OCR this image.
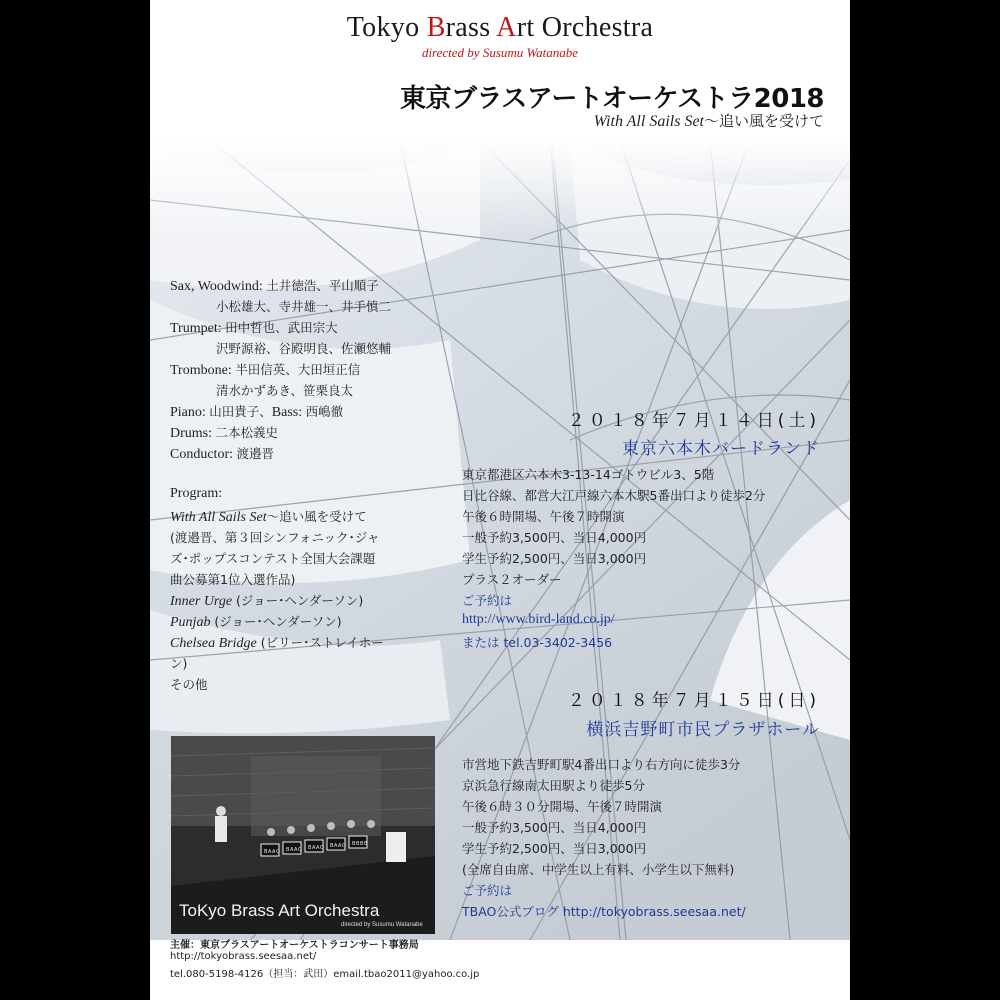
Tokyo Brass Art Orchestra
directed by Susumu Watanabe
東京ブラスアートオーケストラ2018
With All Sails Set～追い風を受けて
Sax, Woodwind: 土井徳浩、平山順子
小松雄大、寺井雄一、井手慎二
Trumpet: 田中哲也、武田宗大
沢野源裕、谷殿明良、佐瀬悠輔
Trombone: 半田信英、大田垣正信
清水かずあき、笹栗良太
Piano: 山田貴子、Bass: 西嶋徹
Drums: 二本松義史
Conductor: 渡邉晋
Program:
With All Sails Set～追い風を受けて
(渡邉晋、第３回シンフォニック･ジャ
ズ･ポップスコンテスト全国大会課題
曲公募第1位入選作品)
Inner Urge (ジョー･ヘンダーソン)
Punjab (ジョー･ヘンダーソン)
Chelsea Bridge (ビリー･ストレイホー
ン)
その他
２０１８年７月１４日(土)
東京六本木バードランド
東京都港区六本木3-13-14ゴトウビル3、5階
日比谷線、都営大江戸線六本木駅5番出口より徒歩2分
午後６時開場、午後７時開演
一般予約3,500円、当日4,000円
学生予約2,500円、当日3,000円
プラス２オーダー
ご予約は
http://www.bird-land.co.jp/
または tel.03-3402-3456
２０１８年７月１５日(日)
横浜吉野町市民プラザホール
市営地下鉄吉野町駅4番出口より右方向に徒歩3分
京浜急行線南太田駅より徒歩5分
午後６時３０分開場、午後７時開演
一般予約3,500円、当日4,000円
学生予約2,500円、当日3,000円
(全席自由席、中学生以上有料、小学生以下無料)
ご予約は
TBAO公式ブログ http://tokyobrass.seesaa.net/
B A A O B A A O B A A O B A A O B B B B
ToKyo Brass Art Orchestra
directed by Susumu Watanabe
主催：東京ブラスアートオーケストラコンサート事務局
http://tokyobrass.seesaa.net/
tel.080-5198-4126（担当：武田）email.tbao2011@yahoo.co.jp
